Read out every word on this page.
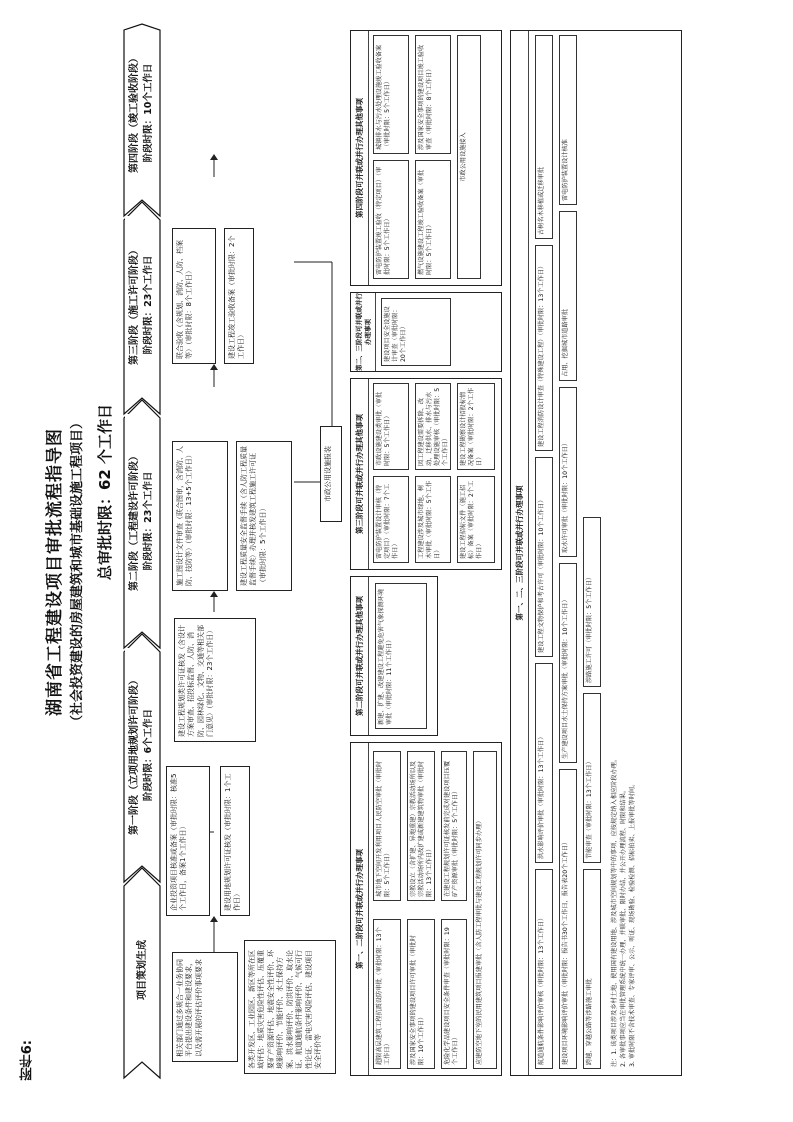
附件6:
湖南省工程建设项目审批流程指导图 （社会投资建设的房屋建筑和城市基础设施工程项目） 总审批时限：62 个工作日
项目策划生成
第一阶段（立项用地规划许可阶段） 阶段时限：6个工作日
第二阶段（工程建设许可阶段） 阶段时限：23个工作日
第三阶段（施工许可阶段） 阶段时限：23个工作日
第四阶段（竣工验收阶段） 阶段时限：10个工作日

相关部门通过多规合一业务协同平台提出建设条件和建设要求，以及需开展的评估评价事项要求	各类开发区、工业园区、新区等所在区域评估：地质灾害危险性评估、压覆重要矿产资源评估、地震安全性评价、环境影响评价、节能评价、水土保持方案、洪水影响评价、防洪评价、取水论证、航道通航条件影响评价、气候可行性论证、雷电灾害风险评估、建设项目安全评价等

企业投资项目核准或备案（审批时限：核准5个工作日，备案1个工作日）	建设用地规划许可证核发（审批时限：1个工作日）

建设工程规划类许可证核发（含设计方案审查、招投标监督、人防、消防、园林绿化、文物、交通等相关部门意见）（审批时限：23个工作日）

施工图设计文件审查（联合图审，含消防、人防、技防等）（审批时限：13+5个工作日）	建设工程质量安全监督手续（含人防工程质量监督手续）办理并核发建筑工程施工许可证（审批时限：5个工作日）

联合验收（含规划、消防、人防、档案等）（审批时限：8个工作日）	建设工程竣工验收备案（审批时限：2个工作日）

市政公用设施报装
第一、二阶段可并联或并行办理事项
超限高层建筑工程抗震设防审批（审批时限：13个工作日）
城市地下空间开发利用项目人民防空审批（审批时限：5个工作日）
涉及国家安全事项的建设项目许可审批（审批时限：10个工作日）
宗教设立（含扩建、异地重建）宗教活动场所以及宗教活动场所内改扩建或新建建筑物审批（审批时限：13个工作日）
危险化学品建设项目安全条件审查（审批时限：19个工作日）
在建设工程规划许可证核发前完成对建设项目压覆矿产资源审批（审批时限：5个工作日）	应建防空地下室的民用建筑项目报建审批（含人防工程审批与建设工程规划许可同步办理）
第二阶段可并联或并行办理其他事项	新建、扩建、改建建设工程避免危害气象探测环境审批（审批时限：11个工作日）
第三阶段可并联或并行办理其他事项	雷电防护装置设计审核（特定项目）（审批时限：7个工作日）
市政设施建设类审批（审批时限：5个工作日）
工程建设涉及城市绿地、树木审批（审批时限：5个工作日）
因工程建设需要拆除、改动、迁移供水、排水与污水处理设施审核（审批时限：5个工作日）
建设工程招标文件（施工招标）备案（审批时限：2个工作日）
建设工程勘察设计招投标情况备案（审批时限：2个工作日）
第二、三阶段可并联或并行办理事项	建设项目安全设施设计审查（审批时限：20个工作日）
第四阶段可并联或并行办理其他事项
雷电防护装置竣工验收（特定项目）（审批时限：5个工作日）
城镇排水与污水处理设施竣工验收备案（审批时限：5个工作日）
燃气设施建设工程竣工验收备案（审批时限：5个工作日）
涉及国家安全事项的建设项目竣工验收审查（审批时限：8个工作日）
市政公用设施接入
第一、二、三阶段可并联或并行办理事项
航道通航条件影响评价审核（审批时限：13个工作日）
洪水影响评价审批（审批时限：13个工作日）
建设工程文物保护和考古许可（审批时限：10个工作日）
建设工程消防设计审查（特殊建设工程）（审批时限：13个工作日）
古树名木移植或迁移审批
建设项目环境影响评价审批（审批时限：报告书30个工作日，报告表20个工作日）
生产建设项目水土保持方案审批（审批时限：10个工作日）
取水许可审批（审批时限：10个工作日）
占用、挖掘城市道路审批
雷电防护装置设计核准
跨越、穿越公路等涉路施工审批
节能审查（审批时限：13个工作日）
涉路施工许可（审批时限：5个工作日）
注：1. 该类项目涉及乡村土地、使用国有建设用地、涉及城市空间规划等中的事项，应按规定纳入相应阶段办理。 2. 各审批事项应当在审批管理系统中统一办理，并联审批、限时办结，并公开办理流程、时限和结果。 3. 审批时限不含技术审查、专家评审、公示、听证、现场勘验、检验检测、招标拍卖、上报审批等时间。
